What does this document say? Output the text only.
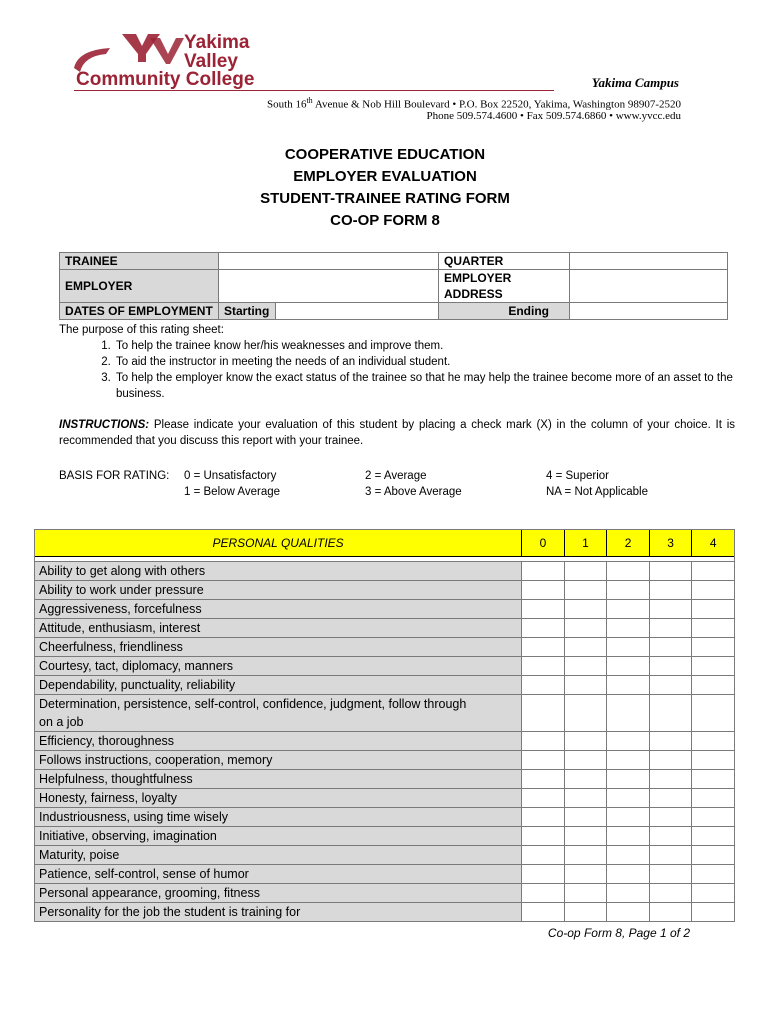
Yakima
Valley
Community College	Yakima Campus
South 16th Avenue & Nob Hill Boulevard • P.O. Box 22520, Yakima, Washington 98907-2520
Phone 509.574.4600 • Fax 509.574.6860 • www.yvcc.edu
COOPERATIVE EDUCATION
EMPLOYER EVALUATION
STUDENT-TRAINEE RATING FORM
CO-OP FORM 8
TRAINEE			QUARTER	
EMPLOYER			EMPLOYER ADDRESS	
DATES OF EMPLOYMENT	Starting		Ending	
The purpose of this rating sheet:
1. To help the trainee know her/his weaknesses and improve them.
2. To aid the instructor in meeting the needs of an individual student.
3. To help the employer know the exact status of the trainee so that he may help the trainee become more of an asset to the business.
INSTRUCTIONS: Please indicate your evaluation of this student by placing a check mark (X) in the column of your choice. It is recommended that you discuss this report with your trainee.
BASIS FOR RATING: 0 = Unsatisfactory
1 = Below Average
2 = Average
3 = Above Average
4 = Superior
NA = Not Applicable
PERSONAL QUALITIES	0	1	2	3	4

Ability to get along with others					
Ability to work under pressure					
Aggressiveness, forcefulness					
Attitude, enthusiasm, interest					
Cheerfulness, friendliness					
Courtesy, tact, diplomacy, manners					
Dependability, punctuality, reliability					
Determination, persistence, self-control, confidence, judgment, follow through on a job					
Efficiency, thoroughness					
Follows instructions, cooperation, memory					
Helpfulness, thoughtfulness					
Honesty, fairness, loyalty					
Industriousness, using time wisely					
Initiative, observing, imagination					
Maturity, poise					
Patience, self-control, sense of humor					
Personal appearance, grooming, fitness					
Personality for the job the student is training for					
Co-op Form 8, Page 1 of 2
